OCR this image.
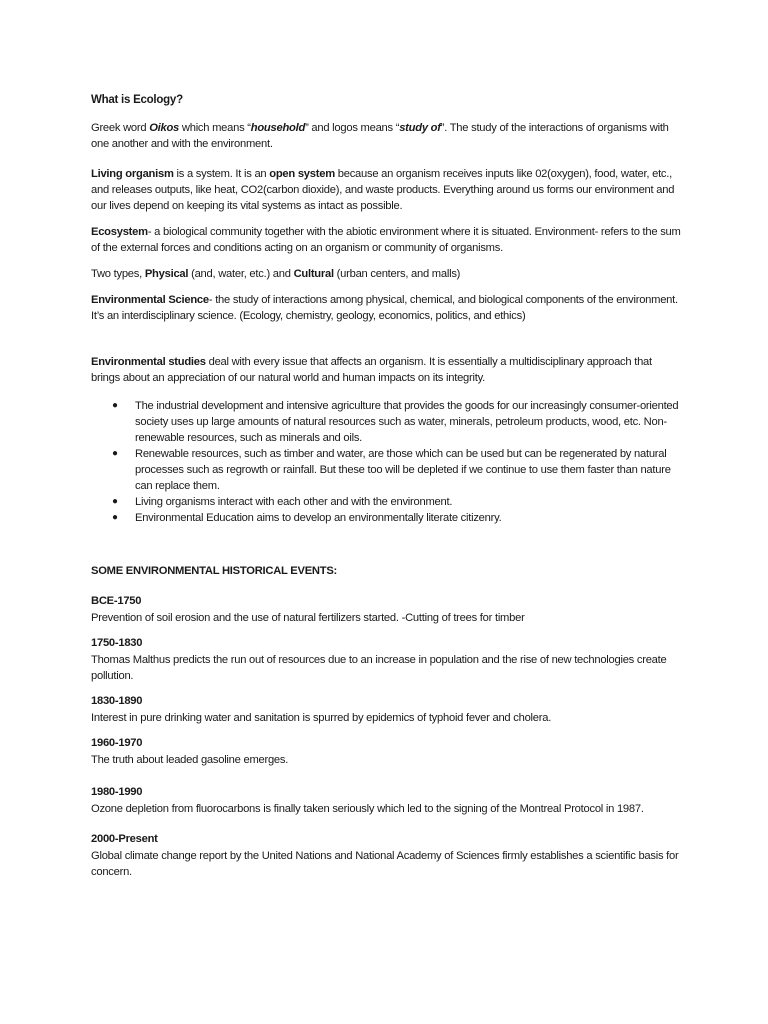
What is Ecology?

Greek word Oikos which means “household” and logos means “study of”. The study of the interactions of organisms with one another and with the environment.

Living organism is a system. It is an open system because an organism receives inputs like 02(oxygen), food, water, etc., and releases outputs, like heat, CO2(carbon dioxide), and waste products. Everything around us forms our environment and our lives depend on keeping its vital systems as intact as possible.

Ecosystem- a biological community together with the abiotic environment where it is situated. Environment- refers to the sum of the external forces and conditions acting on an organism or community of organisms.

Two types, Physical (and, water, etc.) and Cultural (urban centers, and malls)

Environmental Science- the study of interactions among physical, chemical, and biological components of the environment. It’s an interdisciplinary science. (Ecology, chemistry, geology, economics, politics, and ethics)

Environmental studies deal with every issue that affects an organism. It is essentially a multidisciplinary approach that brings about an appreciation of our natural world and human impacts on its integrity.

● The industrial development and intensive agriculture that provides the goods for our increasingly consumer-oriented society uses up large amounts of natural resources such as water, minerals, petroleum products, wood, etc. Non-renewable resources, such as minerals and oils.
● Renewable resources, such as timber and water, are those which can be used but can be regenerated by natural processes such as regrowth or rainfall. But these too will be depleted if we continue to use them faster than nature can replace them.
● Living organisms interact with each other and with the environment.
● Environmental Education aims to develop an environmentally literate citizenry.

SOME ENVIRONMENTAL HISTORICAL EVENTS:

BCE-1750

Prevention of soil erosion and the use of natural fertilizers started. -Cutting of trees for timber

1750-1830

Thomas Malthus predicts the run out of resources due to an increase in population and the rise of new technologies create pollution.

1830-1890

Interest in pure drinking water and sanitation is spurred by epidemics of typhoid fever and cholera.

1960-1970

The truth about leaded gasoline emerges.

1980-1990

Ozone depletion from fluorocarbons is finally taken seriously which led to the signing of the Montreal Protocol in 1987.

2000-Present

Global climate change report by the United Nations and National Academy of Sciences firmly establishes a scientific basis for concern.
